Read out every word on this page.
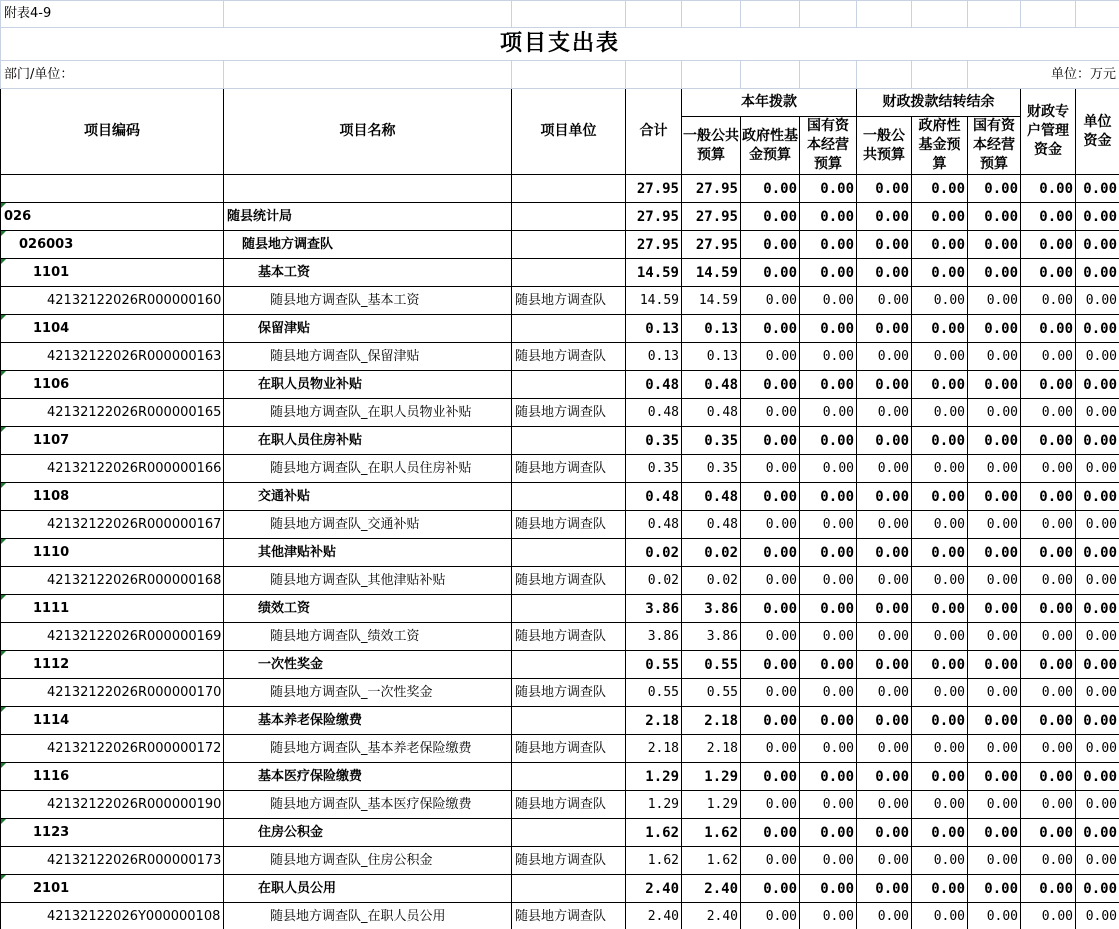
附表4-9											
项目支出表											
部门/单位：									单位：万元		
项目编码	项目名称	项目单位	合计	本年拨款			财政拨款结转结余			财政专户管理资金	单位资金
				一般公共预算	政府性基金预算	国有资本经营预算	一般公共预算	政府性基金预算	国有资本经营预算		
			27.95	27.95	0.00	0.00	0.00	0.00	0.00	0.00	0.00
026	随县统计局		27.95	27.95	0.00	0.00	0.00	0.00	0.00	0.00	0.00
026003	随县地方调查队		27.95	27.95	0.00	0.00	0.00	0.00	0.00	0.00	0.00
1101	基本工资		14.59	14.59	0.00	0.00	0.00	0.00	0.00	0.00	0.00
42132122026R000000160	随县地方调查队_基本工资	随县地方调查队	14.59	14.59	0.00	0.00	0.00	0.00	0.00	0.00	0.00
1104	保留津贴		0.13	0.13	0.00	0.00	0.00	0.00	0.00	0.00	0.00
42132122026R000000163	随县地方调查队_保留津贴	随县地方调查队	0.13	0.13	0.00	0.00	0.00	0.00	0.00	0.00	0.00
1106	在职人员物业补贴		0.48	0.48	0.00	0.00	0.00	0.00	0.00	0.00	0.00
42132122026R000000165	随县地方调查队_在职人员物业补贴	随县地方调查队	0.48	0.48	0.00	0.00	0.00	0.00	0.00	0.00	0.00
1107	在职人员住房补贴		0.35	0.35	0.00	0.00	0.00	0.00	0.00	0.00	0.00
42132122026R000000166	随县地方调查队_在职人员住房补贴	随县地方调查队	0.35	0.35	0.00	0.00	0.00	0.00	0.00	0.00	0.00
1108	交通补贴		0.48	0.48	0.00	0.00	0.00	0.00	0.00	0.00	0.00
42132122026R000000167	随县地方调查队_交通补贴	随县地方调查队	0.48	0.48	0.00	0.00	0.00	0.00	0.00	0.00	0.00
1110	其他津贴补贴		0.02	0.02	0.00	0.00	0.00	0.00	0.00	0.00	0.00
42132122026R000000168	随县地方调查队_其他津贴补贴	随县地方调查队	0.02	0.02	0.00	0.00	0.00	0.00	0.00	0.00	0.00
1111	绩效工资		3.86	3.86	0.00	0.00	0.00	0.00	0.00	0.00	0.00
42132122026R000000169	随县地方调查队_绩效工资	随县地方调查队	3.86	3.86	0.00	0.00	0.00	0.00	0.00	0.00	0.00
1112	一次性奖金		0.55	0.55	0.00	0.00	0.00	0.00	0.00	0.00	0.00
42132122026R000000170	随县地方调查队_一次性奖金	随县地方调查队	0.55	0.55	0.00	0.00	0.00	0.00	0.00	0.00	0.00
1114	基本养老保险缴费		2.18	2.18	0.00	0.00	0.00	0.00	0.00	0.00	0.00
42132122026R000000172	随县地方调查队_基本养老保险缴费	随县地方调查队	2.18	2.18	0.00	0.00	0.00	0.00	0.00	0.00	0.00
1116	基本医疗保险缴费		1.29	1.29	0.00	0.00	0.00	0.00	0.00	0.00	0.00
42132122026R000000190	随县地方调查队_基本医疗保险缴费	随县地方调查队	1.29	1.29	0.00	0.00	0.00	0.00	0.00	0.00	0.00
1123	住房公积金		1.62	1.62	0.00	0.00	0.00	0.00	0.00	0.00	0.00
42132122026R000000173	随县地方调查队_住房公积金	随县地方调查队	1.62	1.62	0.00	0.00	0.00	0.00	0.00	0.00	0.00
2101	在职人员公用		2.40	2.40	0.00	0.00	0.00	0.00	0.00	0.00	0.00
42132122026Y000000108	随县地方调查队_在职人员公用	随县地方调查队	2.40	2.40	0.00	0.00	0.00	0.00	0.00	0.00	0.00
